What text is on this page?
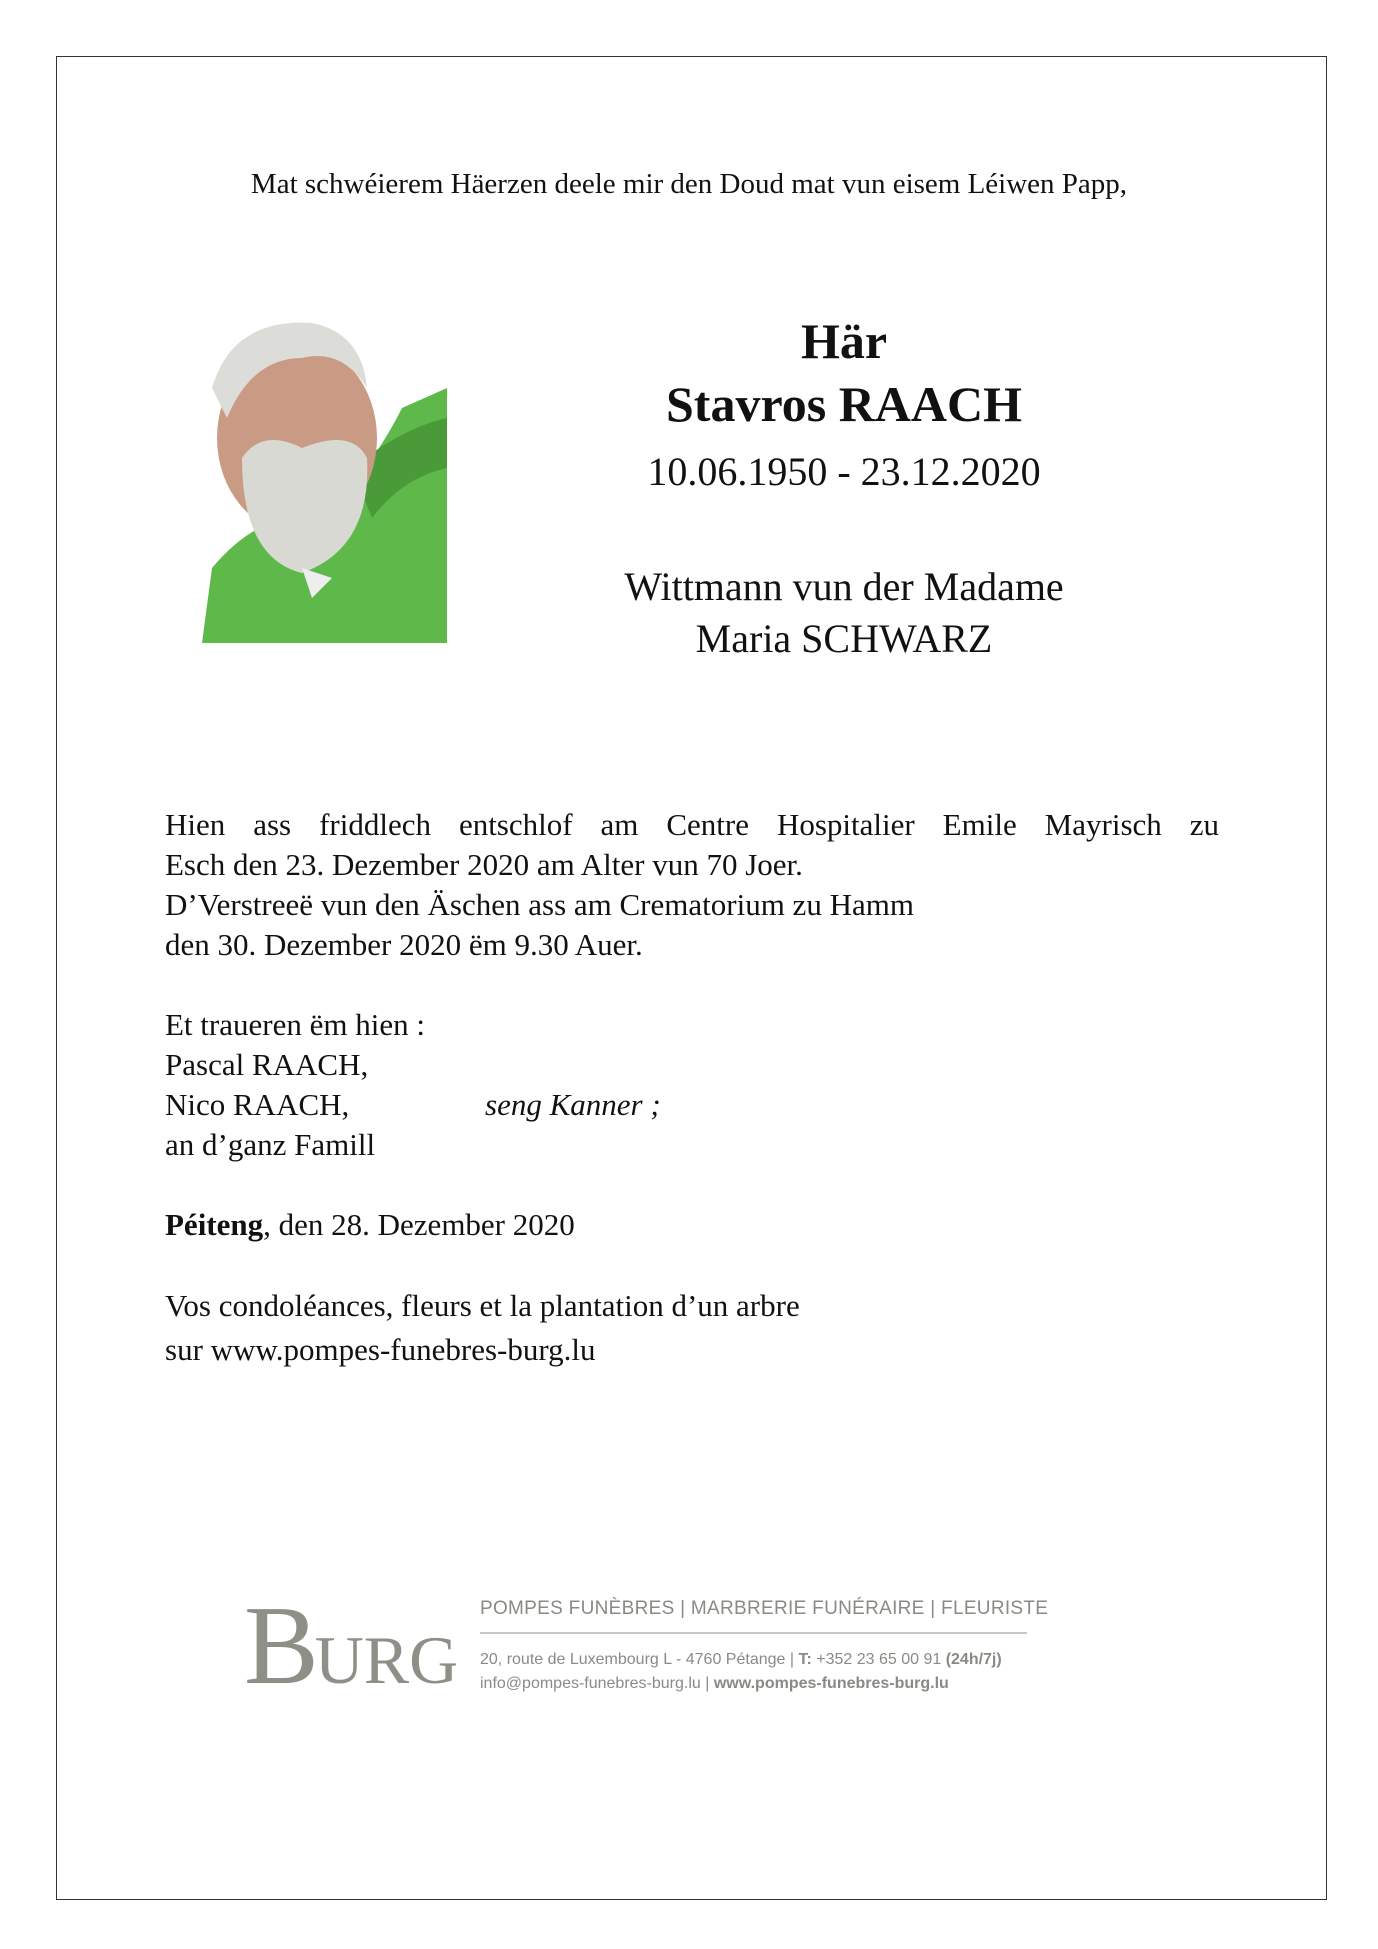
Mat schwéierem Häerzen deele mir den Doud mat vun eisem Léiwen Papp,
Här
Stavros RAACH
10.06.1950 - 23.12.2020
Wittmann vun der Madame
Maria SCHWARZ
Hien ass friddlech entschlof am Centre Hospitalier Emile Mayrisch zu
Esch den 23. Dezember 2020 am Alter vun 70 Joer.
D’Verstreeë vun den Äschen ass am Crematorium zu Hamm
den 30. Dezember 2020 ëm 9.30 Auer.
Et traueren ëm hien :
Pascal RAACH,
Nico RAACH,	seng Kanner ;
an d’ganz Famill
Péiteng, den 28. Dezember 2020
Vos condoléances, fleurs et la plantation d’un arbre
sur www.pompes-funebres-burg.lu
BURG
POMPES FUNÈBRES | MARBRERIE FUNÉRAIRE | FLEURISTE
20, route de Luxembourg L - 4760 Pétange | T: +352 23 65 00 91 (24h/7j)
info@pompes-funebres-burg.lu | www.pompes-funebres-burg.lu
